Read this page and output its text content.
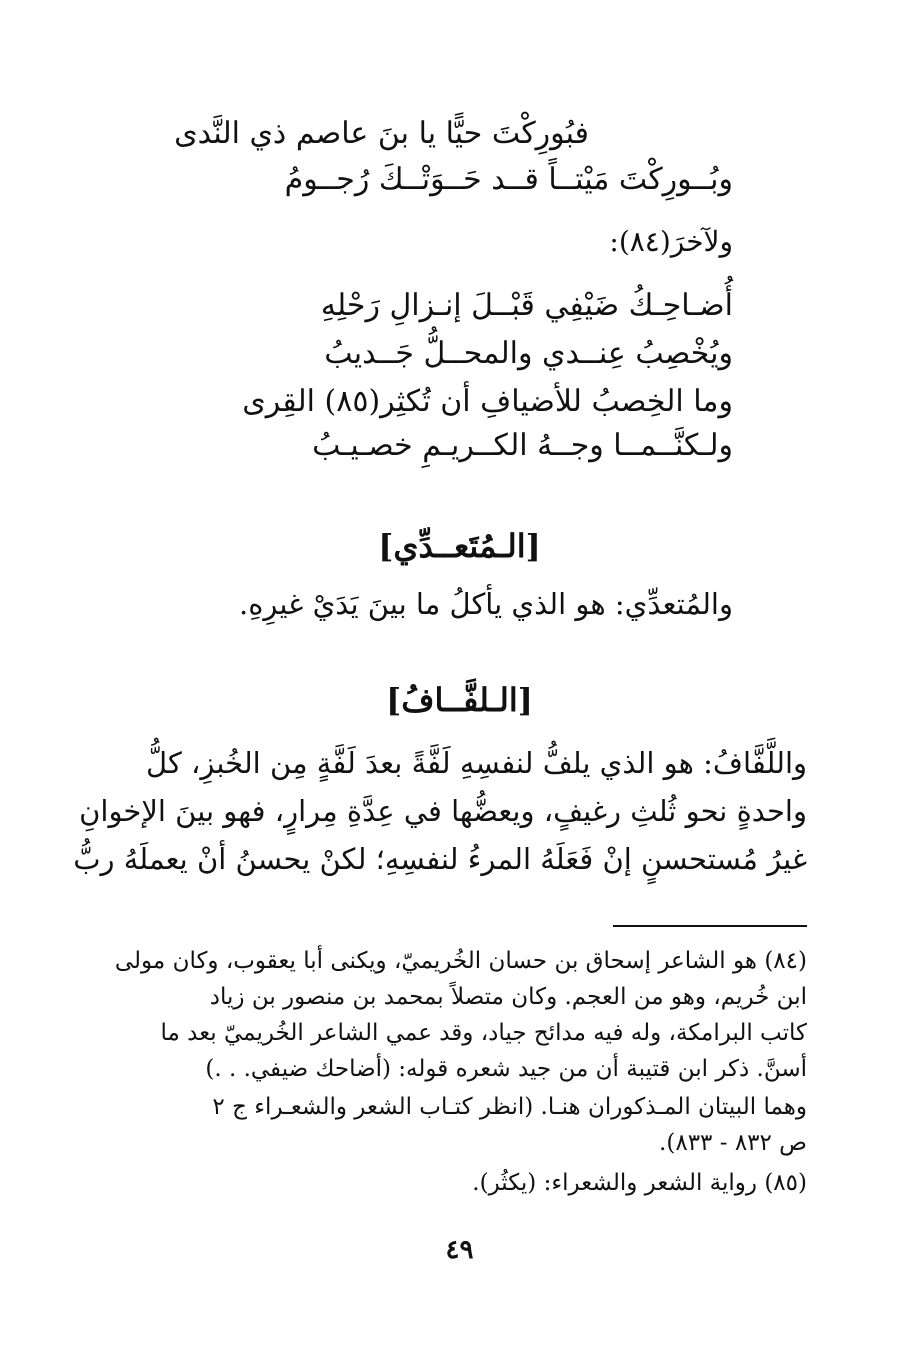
فبُورِكْتَ حيًّا يا بنَ عاصم ذي النَّدى
وبُــورِكْتَ مَيْتــاً قــد حَــوَتْــكَ رُجــومُ
ولآخرَ(٨٤):
أُضـاحِـكُ ضَيْفِي قَبْــلَ إنـزالِ رَحْلِهِ
ويُخْصِبُ عِنــدي والمحــلُّ جَــديبُ
وما الخِصبُ للأضيافِ أن تُكثِر(٨٥) القِرى
ولـكنَّــمــا وجــهُ الكــريـمِ خصـيـبُ
[الـمُتَعــدِّي]
والمُتعدِّي: هو الذي يأكلُ ما بينَ يَدَيْ غيرِهِ.
[الـلفَّــافُ]
واللَّفَّافُ: هو الذي يلفُّ لنفسِهِ لَفَّةً بعدَ لَفَّةٍ مِن الخُبزِ، كلُّ
واحدةٍ نحو ثُلثِ رغيفٍ، ويعضُّها في عِدَّةِ مِرارٍ، فهو بينَ الإخوانِ
غيرُ مُستحسنٍ إنْ فَعَلَهُ المرءُ لنفسِهِ؛ لكنْ يحسنُ أنْ يعملَهُ ربُّ
(٨٤) هو الشاعر إسحاق بن حسان الخُريميّ، ويكنى أبا يعقوب، وكان مولى
ابن خُريم، وهو من العجم. وكان متصلاً بمحمد بن منصور بن زياد
كاتب البرامكة، وله فيه مدائح جياد، وقد عمي الشاعر الخُريميّ بعد ما
أسنَّ. ذكر ابن قتيبة أن من جيد شعره قوله: (أضاحك ضيفي. . .)
وهما البيتان المـذكوران هنـا. (انظر كتـاب الشعر والشعـراء ج ٢
ص ٨٣٢ - ٨٣٣).
(٨٥) رواية الشعر والشعراء: (يكثُر).
٤٩
